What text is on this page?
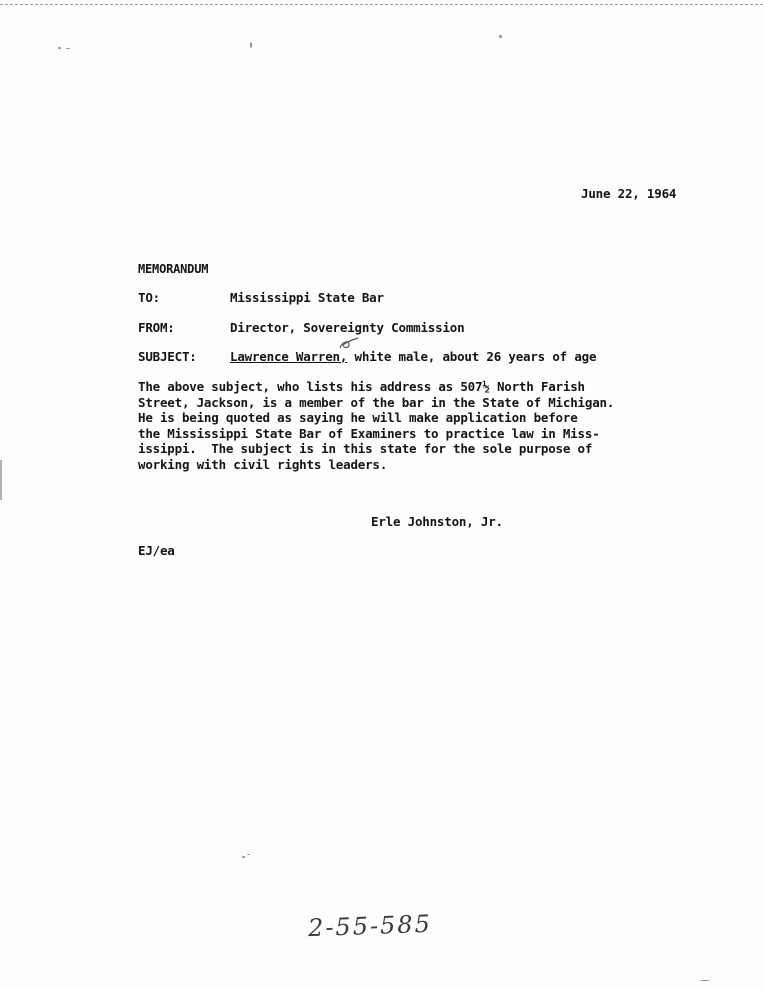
June 22, 1964
MEMORANDUM
TO:	Mississippi State Bar
FROM:	Director, Sovereignty Commission
SUBJECT:	Lawrence Warren, white male, about 26 years of age
The above subject, who lists his address as 507½ North Farish
Street, Jackson, is a member of the bar in the State of Michigan.
He is being quoted as saying he will make application before
the Mississippi State Bar of Examiners to practice law in Miss-
issippi.  The subject is in this state for the sole purpose of
working with civil rights leaders.
Erle Johnston, Jr.
EJ/ea
2-55-585
